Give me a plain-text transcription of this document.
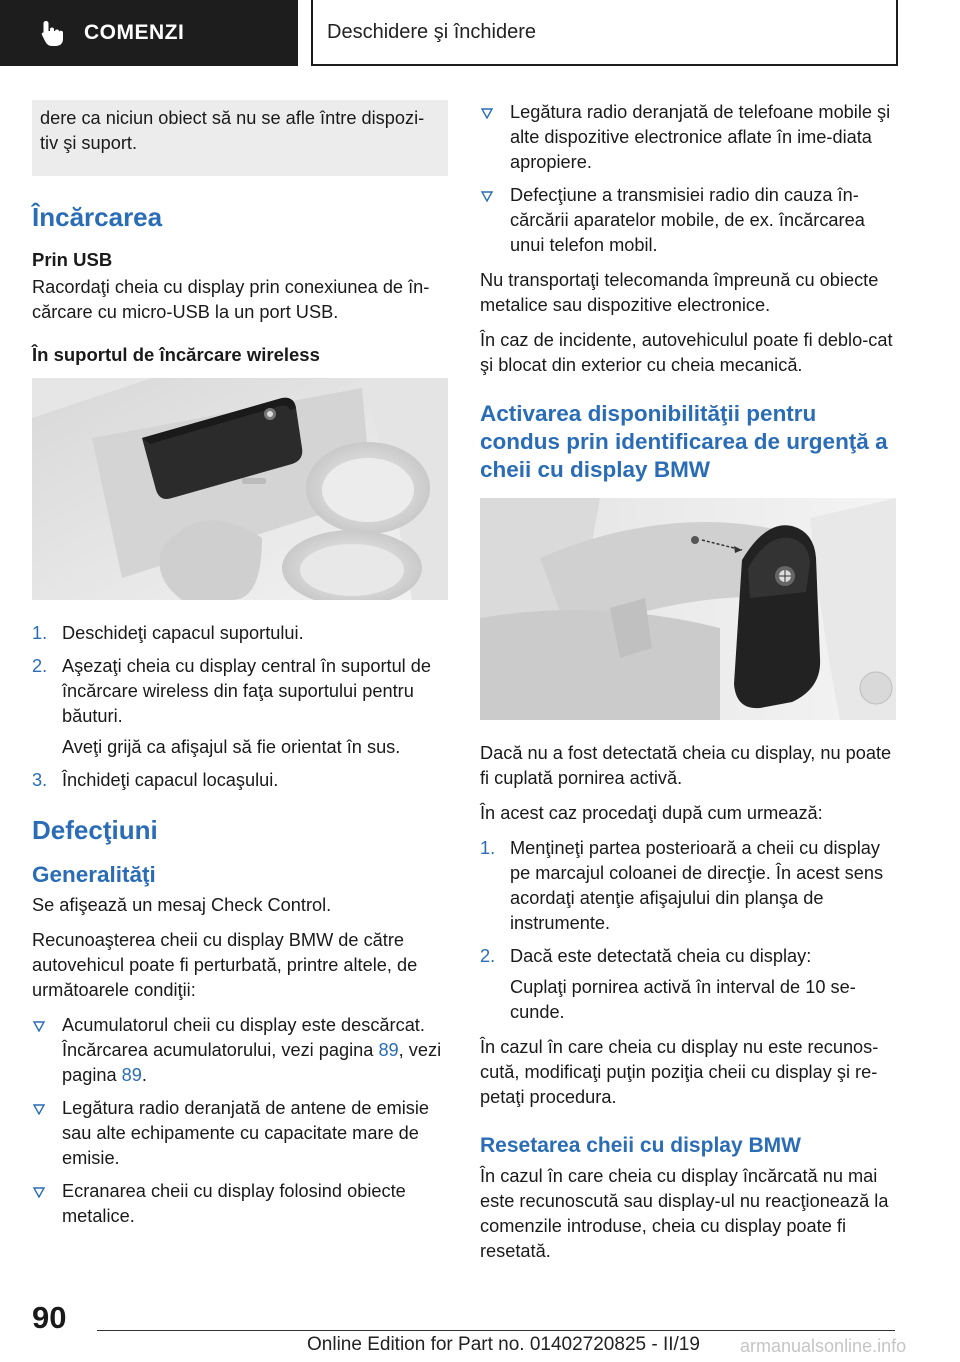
COMENZI	Deschidere şi închidere

dere ca niciun obiect să nu se afle între dispozi‐tiv şi suport.

Încărcarea
Prin USB

Racordaţi cheia cu display prin conexiunea de în‐cărcare cu micro-USB la un port USB.

În suportul de încărcare wireless
1. Deschideţi capacul suportului.
2. Aşezaţi cheia cu display central în suportul de încărcare wireless din faţa suportului pentru băuturi.
Aveţi grijă ca afişajul să fie orientat în sus.
3. Închideţi capacul locaşului.
Defecţiuni
Generalităţi

Se afişează un mesaj Check Control.

Recunoaşterea cheii cu display BMW de către autovehicul poate fi perturbată, printre altele, de următoarele condiţii:

Acumulatorul cheii cu display este descărcat. Încărcarea acumulatorului, vezi pagina 89, vezi pagina 89.
Legătura radio deranjată de antene de emisie sau alte echipamente cu capacitate mare de emisie.
Ecranarea cheii cu display folosind obiecte metalice.
Legătura radio deranjată de telefoane mobile şi alte dispozitive electronice aflate în ime‐diata apropiere.
Defecţiune a transmisiei radio din cauza în‐cărcării aparatelor mobile, de ex. încărcarea unui telefon mobil.

Nu transportaţi telecomanda împreună cu obiecte metalice sau dispozitive electronice.

În caz de incidente, autovehiculul poate fi deblo‐cat şi blocat din exterior cu cheia mecanică.

Activarea disponibilităţii pentru condus prin identificarea de urgenţă a cheii cu display BMW

Dacă nu a fost detectată cheia cu display, nu poate fi cuplată pornirea activă.

În acest caz procedaţi după cum urmează:

1. Menţineţi partea posterioară a cheii cu display pe marcajul coloanei de direcţie. În acest sens acordaţi atenţie afişajului din planşa de instrumente.
2. Dacă este detectată cheia cu display:
Cuplaţi pornirea activă în interval de 10 se‐cunde.

În cazul în care cheia cu display nu este recunos‐cută, modificaţi puţin poziţia cheii cu display şi re‐petaţi procedura.

Resetarea cheii cu display BMW

În cazul în care cheia cu display încărcată nu mai este recunoscută sau display-ul nu reacţionează la comenzile introduse, cheia cu display poate fi resetată.

90
Online Edition for Part no. 01402720825 - II/19 armanualsonline.info
